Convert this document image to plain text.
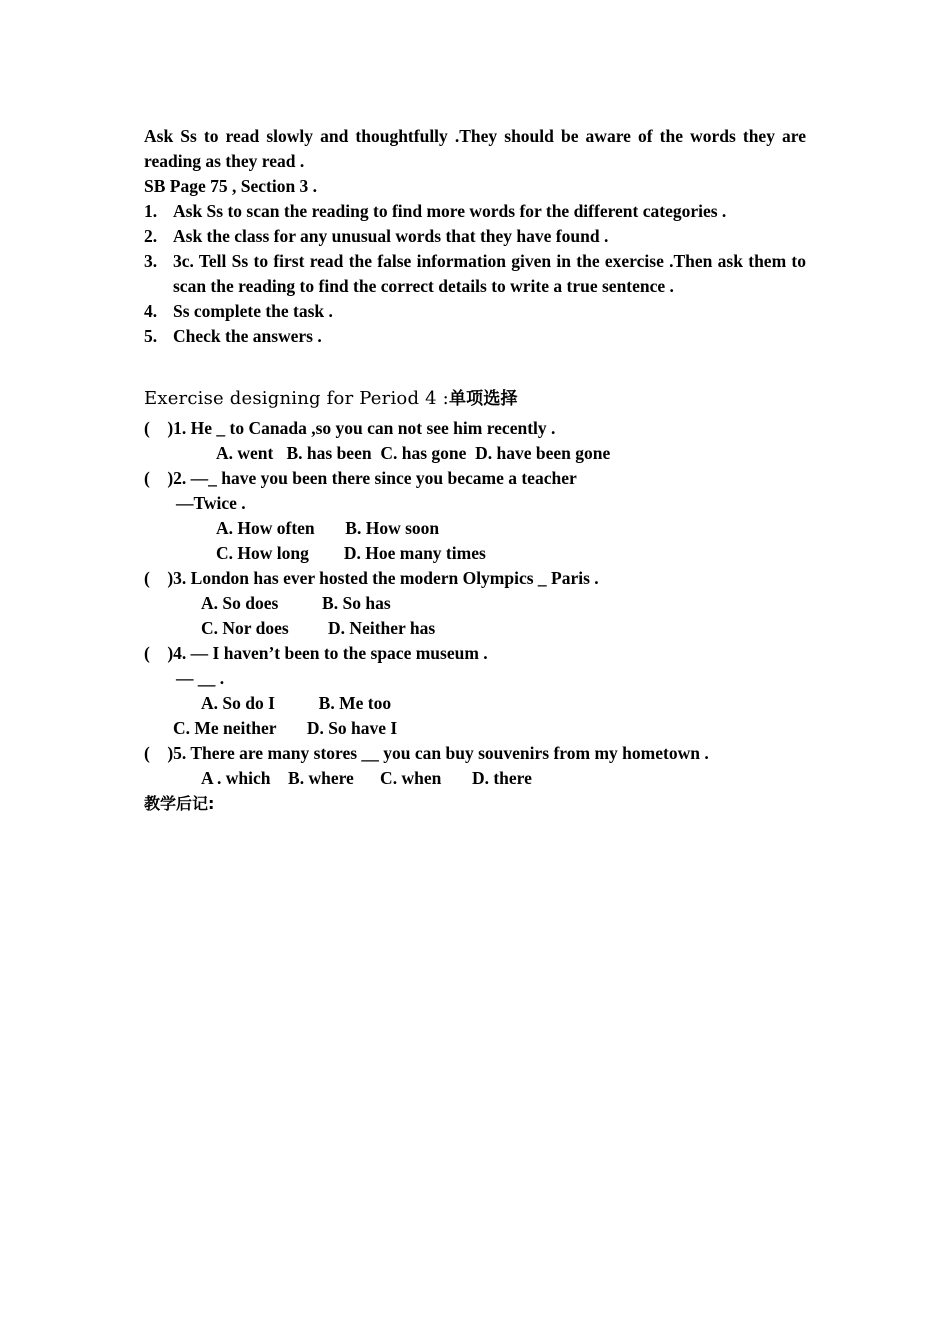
Ask Ss to read slowly and thoughtfully .They should be aware of the words they are reading as they read .

SB Page 75 , Section 3 .

1. Ask Ss to scan the reading to find more words for the different categories .
2. Ask the class for any unusual words that they have found .
3. 3c. Tell Ss to first read the false information given in the exercise .Then ask them to scan the reading to find the correct details to write a true sentence .
4. Ss complete the task .
5. Check the answers .

Exercise designing for Period 4 :单项选择

(    )1. He _ to Canada ,so you can not see him recently .

A. went   B. has been  C. has gone  D. have been gone

(    )2. —_ have you been there since you became a teacher

—Twice .

A. How often       B. How soon

C. How long        D. Hoe many times

(    )3. London has ever hosted the modern Olympics _ Paris .

A. So does          B. So has

C. Nor does         D. Neither has

(    )4. — I haven’t been to the space museum .

— __ .

A. So do I          B. Me too

C. Me neither       D. So have I

(    )5. There are many stores __ you can buy souvenirs from my hometown .

A . which    B. where      C. when       D. there

教学后记:
